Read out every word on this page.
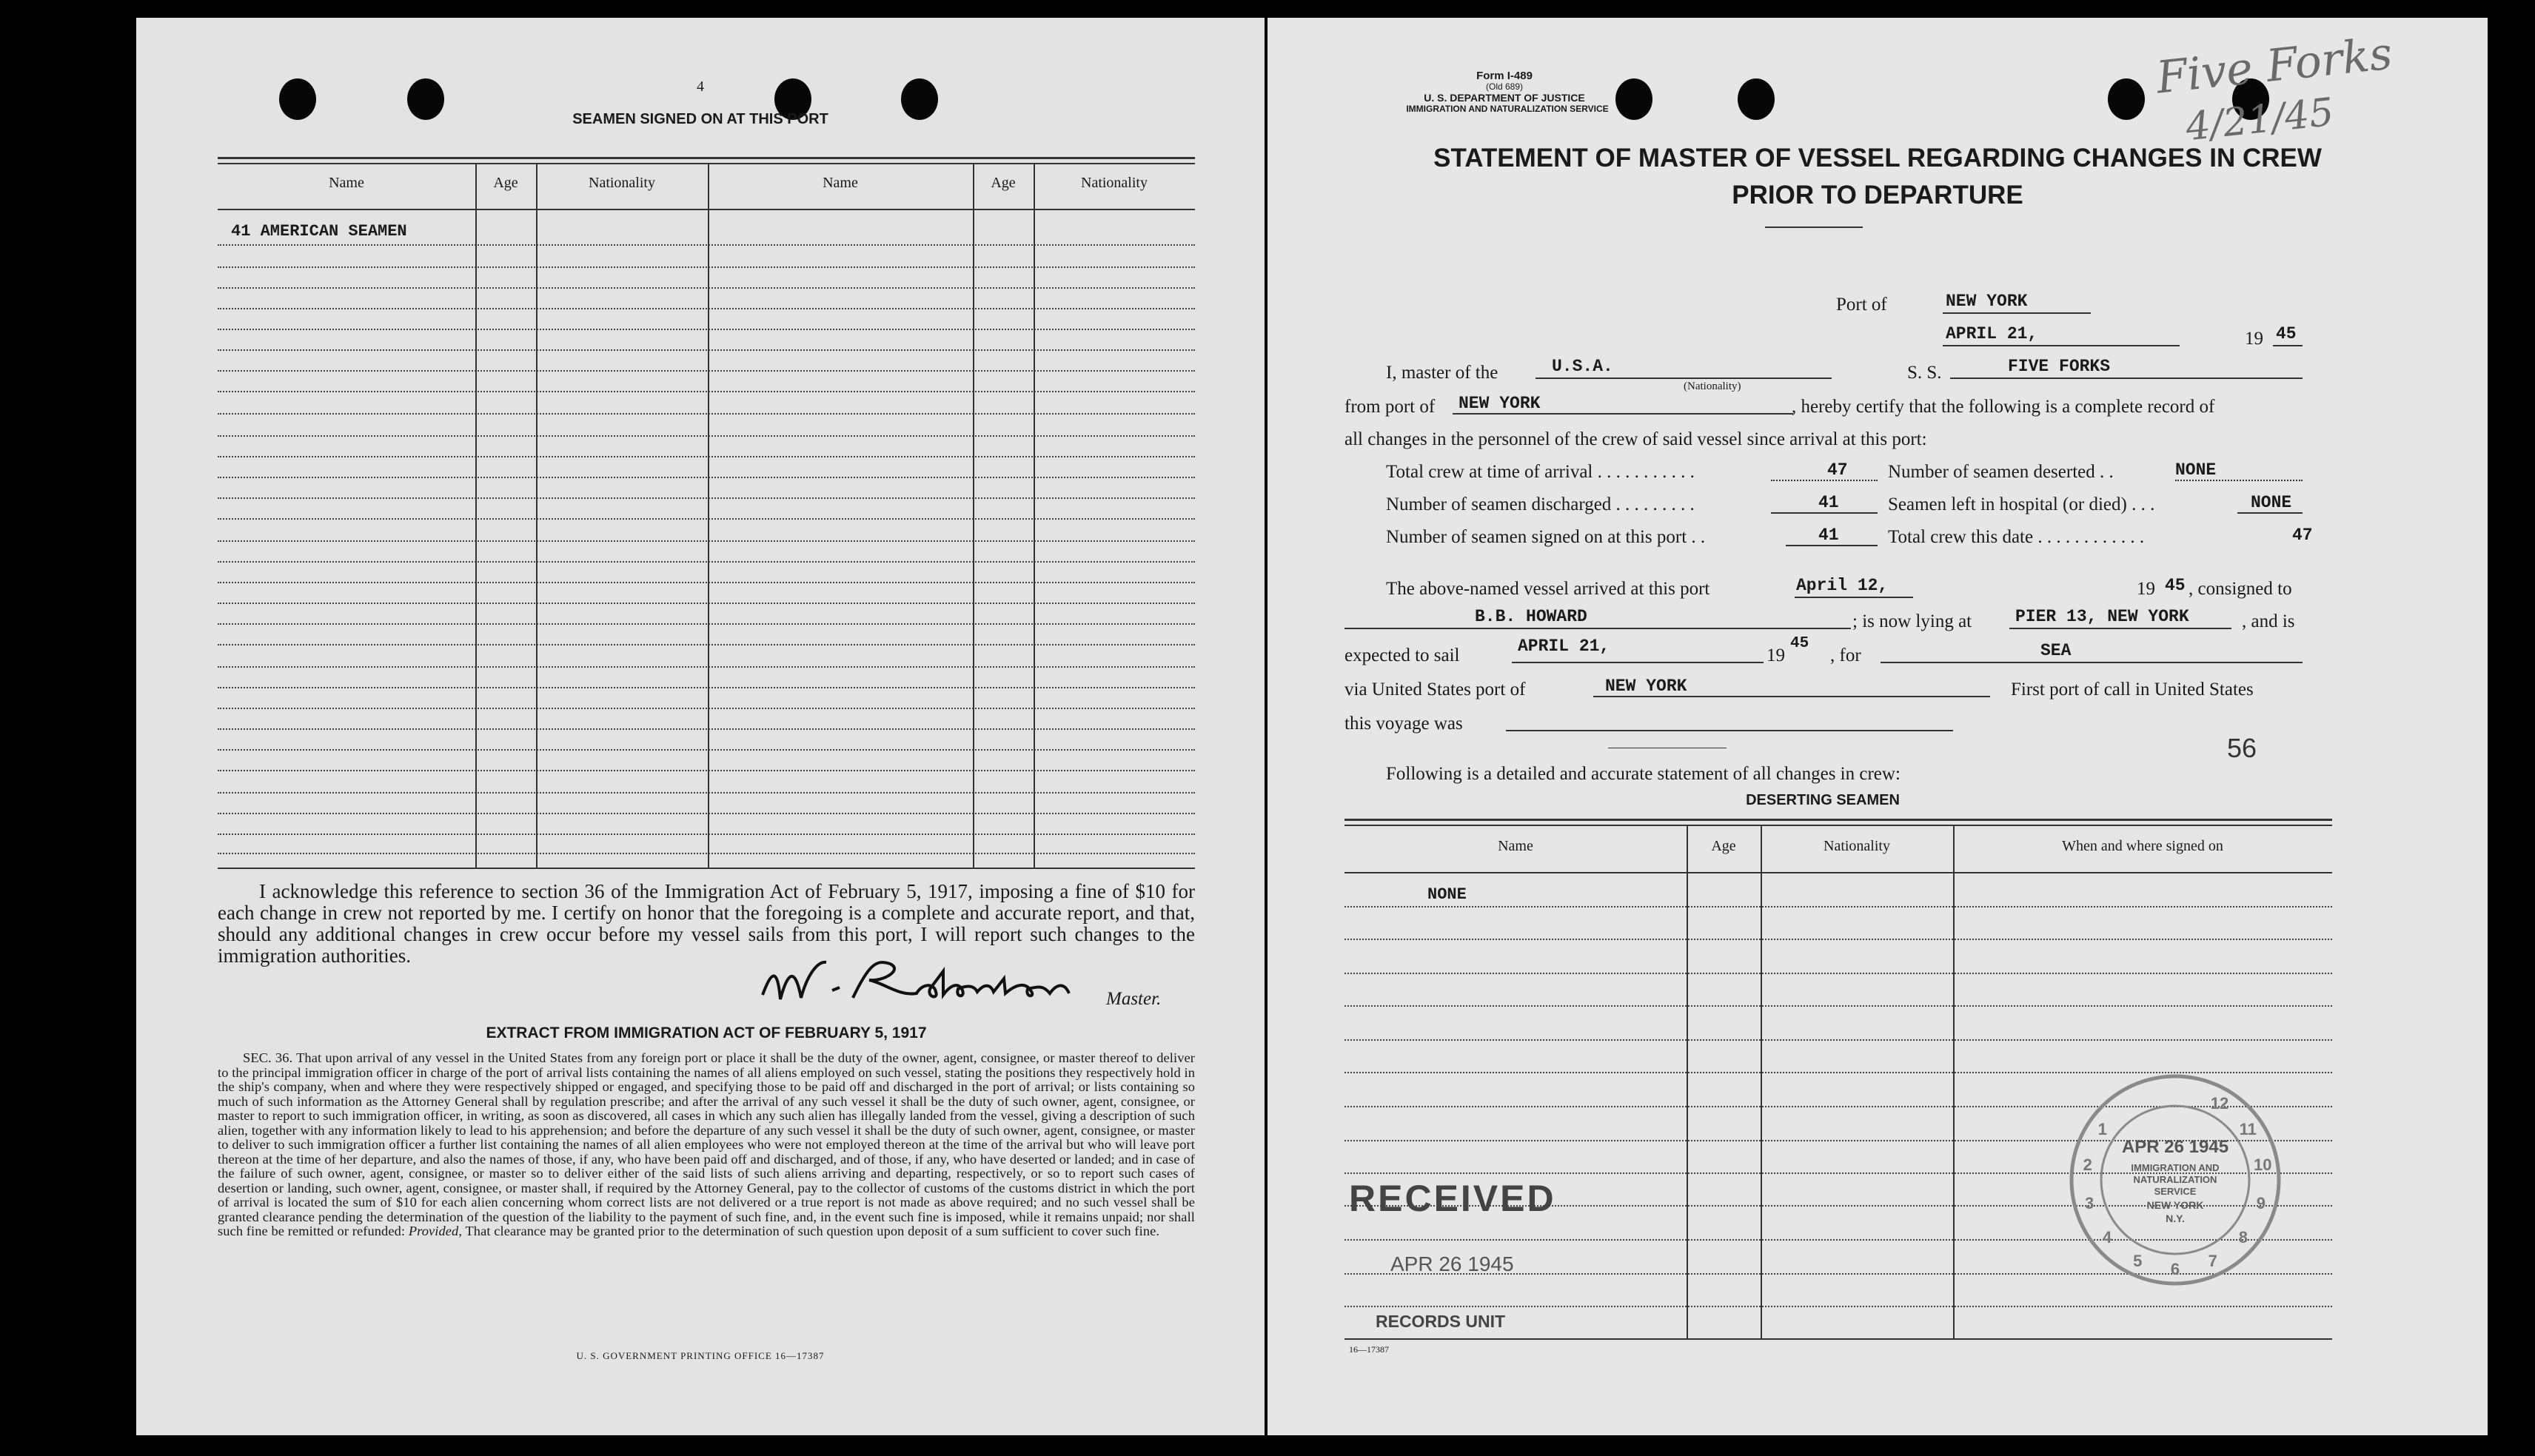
4
SEAMEN SIGNED ON AT THIS PORT
Name	Age	Nationality	Name	Age	Nationality
41 AMERICAN SEAMEN
I acknowledge this reference to section 36 of the Immigration Act of February 5, 1917, imposing a fine of $10 for each change in crew not reported by me. I certify on honor that the foregoing is a complete and accurate report, and that, should any additional changes in crew occur before my vessel sails from this port, I will report such changes to the immigration authorities.
Master.
EXTRACT FROM IMMIGRATION ACT OF FEBRUARY 5, 1917
SEC. 36. That upon arrival of any vessel in the United States from any foreign port or place it shall be the duty of the owner, agent, consignee, or master thereof to deliver to the principal immigration officer in charge of the port of arrival lists containing the names of all aliens employed on such vessel, stating the positions they respectively hold in the ship's company, when and where they were respectively shipped or engaged, and specifying those to be paid off and discharged in the port of arrival; or lists containing so much of such information as the Attorney General shall by regulation prescribe; and after the arrival of any such vessel it shall be the duty of such owner, agent, consignee, or master to report to such immigration officer, in writing, as soon as discovered, all cases in which any such alien has illegally landed from the vessel, giving a description of such alien, together with any information likely to lead to his apprehension; and before the departure of any such vessel it shall be the duty of such owner, agent, consignee, or master to deliver to such immigration officer a further list containing the names of all alien employees who were not employed thereon at the time of the arrival but who will leave port thereon at the time of her departure, and also the names of those, if any, who have been paid off and discharged, and of those, if any, who have deserted or landed; and in case of the failure of such owner, agent, consignee, or master so to deliver either of the said lists of such aliens arriving and departing, respectively, or so to report such cases of desertion or landing, such owner, agent, consignee, or master shall, if required by the Attorney General, pay to the collector of customs of the customs district in which the port of arrival is located the sum of $10 for each alien concerning whom correct lists are not delivered or a true report is not made as above required; and no such vessel shall be granted clearance pending the determination of the question of the liability to the payment of such fine, and, in the event such fine is imposed, while it remains unpaid; nor shall such fine be remitted or refunded: Provided, That clearance may be granted prior to the determination of such question upon deposit of a sum sufficient to cover such fine.
U. S. GOVERNMENT PRINTING OFFICE 16—17387
Form I-489
(Old 689)
U. S. DEPARTMENT OF JUSTICE
IMMIGRATION AND NATURALIZATION SERVICE
Five Forks
4/21/45
STATEMENT OF MASTER OF VESSEL REGARDING CHANGES IN CREW
PRIOR TO DEPARTURE
Port of	NEW YORK
APRIL 21,	19 45
I, master of the	U.S.A.
(Nationality)
S. S.	FIVE FORKS
from port of NEW YORK	, hereby certify that the following is a complete record of
all changes in the personnel of the crew of said vessel since arrival at this port:
Total crew at time of arrival . . . . . . . . . . .	47 Number of seamen deserted . .	NONE
Number of seamen discharged . . . . . . . . .	41	Seamen left in hospital (or died) . . .	NONE
Number of seamen signed on at this port . .	41	Total crew this date . . . . . . . . . . . .	47
The above-named vessel arrived at this port	April 12,	19 45 , consigned to
B.B. HOWARD	; is now lying at	PIER 13, NEW YORK	, and is
expected to sail	APRIL 21,	19
45
, for	SEA
via United States port of	NEW YORK	First port of call in United States
this voyage was
56
Following is a detailed and accurate statement of all changes in crew:
DESERTING SEAMEN
Name	Age	Nationality	When and where signed on
NONE
RECEIVED
APR 26 1945
RECORDS UNIT
1211 10 9 8 7654321
APR 26 1945
IMMIGRATION AND
NATURALIZATION
SERVICE
NEW YORK
N.Y.
16—17387
